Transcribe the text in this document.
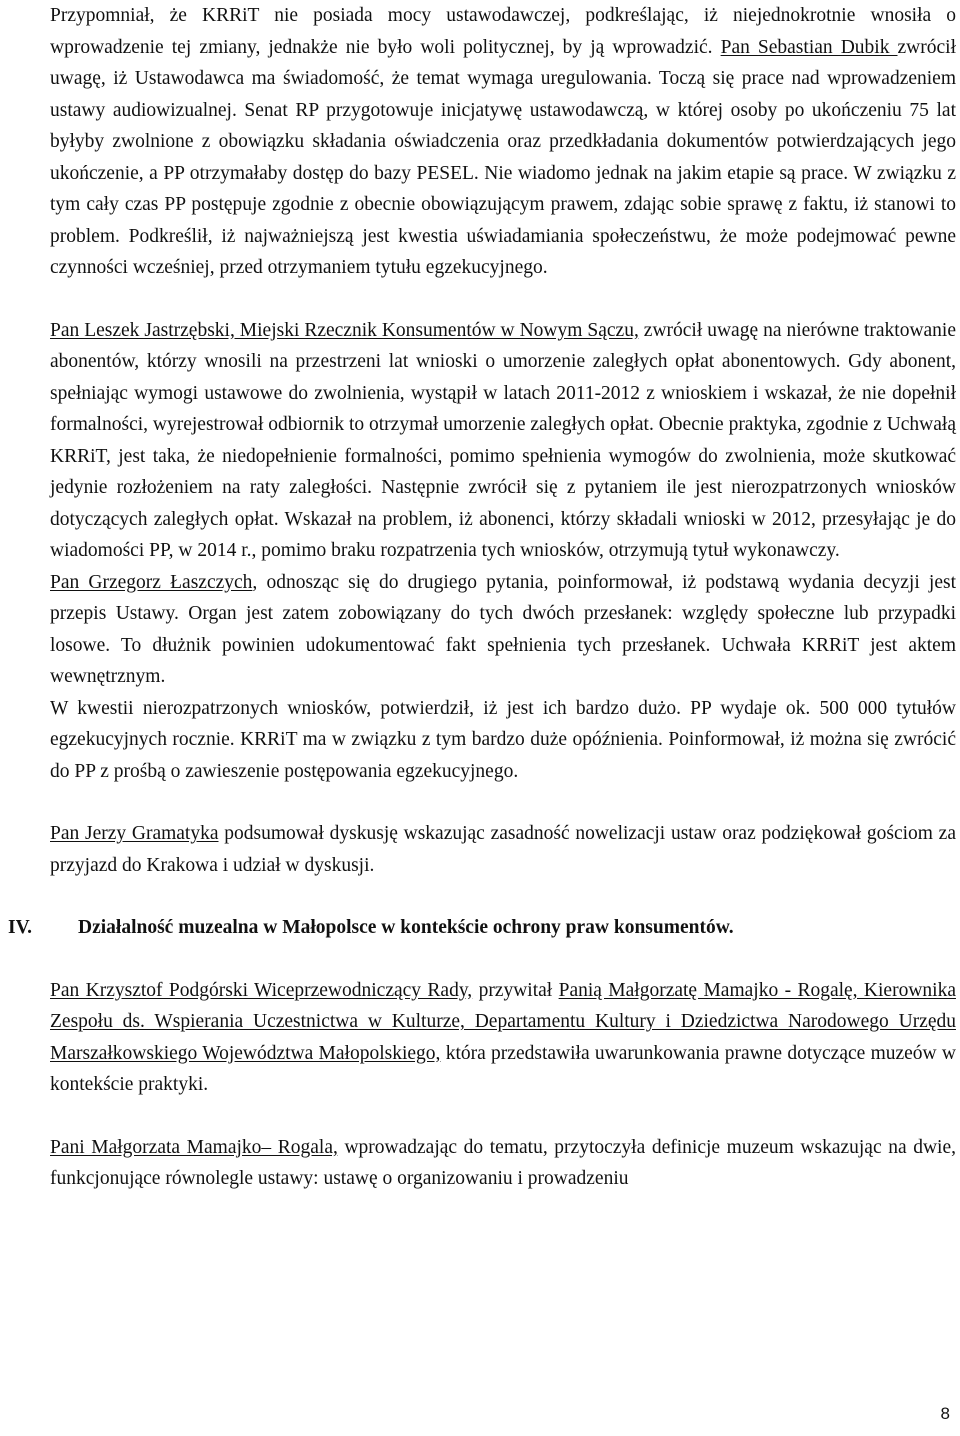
Przypomniał, że KRRiT nie posiada mocy ustawodawczej, podkreślając, iż niejednokrotnie wnosiła o wprowadzenie tej zmiany, jednakże nie było woli politycznej, by ją wprowadzić. Pan Sebastian Dubik zwrócił uwagę, iż Ustawodawca ma świadomość, że temat wymaga uregulowania. Toczą się prace nad wprowadzeniem ustawy audiowizualnej. Senat RP przygotowuje inicjatywę ustawodawczą, w której osoby po ukończeniu 75 lat byłyby zwolnione z obowiązku składania oświadczenia oraz przedkładania dokumentów potwierdzających jego ukończenie, a PP otrzymałaby dostęp do bazy PESEL. Nie wiadomo jednak na jakim etapie są prace. W związku z tym cały czas PP postępuje zgodnie z obecnie obowiązującym prawem, zdając sobie sprawę z faktu, iż stanowi to problem. Podkreślił, iż najważniejszą jest kwestia uświadamiania społeczeństwu, że może podejmować pewne czynności wcześniej, przed otrzymaniem tytułu egzekucyjnego.

Pan Leszek Jastrzębski, Miejski Rzecznik Konsumentów w Nowym Sączu, zwrócił uwagę na nierówne traktowanie abonentów, którzy wnosili na przestrzeni lat wnioski o umorzenie zaległych opłat abonentowych. Gdy abonent, spełniając wymogi ustawowe do zwolnienia, wystąpił w latach 2011-2012 z wnioskiem i wskazał, że nie dopełnił formalności, wyrejestrował odbiornik to otrzymał umorzenie zaległych opłat. Obecnie praktyka, zgodnie z Uchwałą KRRiT, jest taka, że niedopełnienie formalności, pomimo spełnienia wymogów do zwolnienia, może skutkować jedynie rozłożeniem na raty zaległości. Następnie zwrócił się z pytaniem ile jest nierozpatrzonych wniosków dotyczących zaległych opłat. Wskazał na problem, iż abonenci, którzy składali wnioski w 2012, przesyłając je do wiadomości PP, w 2014 r., pomimo braku rozpatrzenia tych wniosków, otrzymują tytuł wykonawczy.

Pan Grzegorz Łaszczych, odnosząc się do drugiego pytania, poinformował, iż podstawą wydania decyzji jest przepis Ustawy. Organ jest zatem zobowiązany do tych dwóch przesłanek: względy społeczne lub przypadki losowe. To dłużnik powinien udokumentować fakt spełnienia tych przesłanek. Uchwała KRRiT jest aktem wewnętrznym.

W kwestii nierozpatrzonych wniosków, potwierdził, iż jest ich bardzo dużo. PP wydaje ok. 500 000 tytułów egzekucyjnych rocznie. KRRiT ma w związku z tym bardzo duże opóźnienia. Poinformował, iż można się zwrócić do PP z prośbą o zawieszenie postępowania egzekucyjnego.

Pan Jerzy Gramatyka podsumował dyskusję wskazując zasadność nowelizacji ustaw oraz podziękował gościom za przyjazd do Krakowa i udział w dyskusji.

IV.	Działalność muzealna w Małopolsce w kontekście ochrony praw konsumentów.

Pan Krzysztof Podgórski Wiceprzewodniczący Rady, przywitał Panią Małgorzatę Mamajko - Rogalę, Kierownika Zespołu ds. Wspierania Uczestnictwa w Kulturze, Departamentu Kultury i Dziedzictwa Narodowego Urzędu Marszałkowskiego Województwa Małopolskiego, która przedstawiła uwarunkowania prawne dotyczące muzeów w kontekście praktyki.

Pani Małgorzata Mamajko– Rogala, wprowadzając do tematu, przytoczyła definicje muzeum wskazując na dwie, funkcjonujące równolegle ustawy: ustawę o organizowaniu i prowadzeniu

8
